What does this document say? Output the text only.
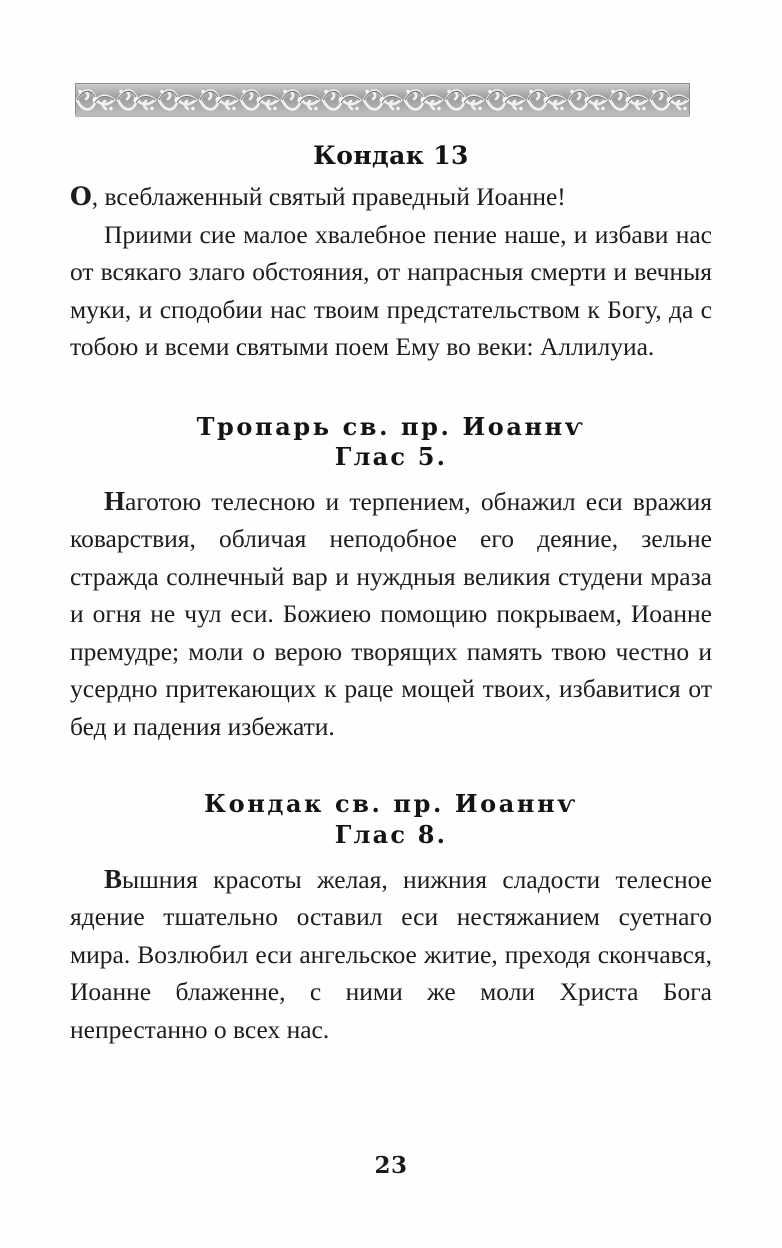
Кондак 13

О, всеблаженный святый праведный Иоанне!

Приими сие малое хвалебное пение наше, и избави нас от всякаго злаго обстояния, от напрасныя смерти и вечныя муки, и сподобии нас твоим предстательством к Богу, да с тобою и всеми святыми поем Ему во веки: Аллилуиа.

Тропарь св. пр. Иоаннѵ
Глас 5.

Наготою телесною и терпением, обнажил еси вражия коварствия, обличая неподобное его деяние, зельне стражда солнечный вар и нуждныя великия студени мраза и огня не чул еси. Божиею помощию покрываем, Иоанне премудре; моли о верою творящих память твою честно и усердно притекающих к раце мощей твоих, избавитися от бед и падения избежати.

Кондак св. пр. Иоаннѵ
Глас 8.

Вышния красоты желая, нижния сладости телесное ядение тшательно оставил еси нестяжанием суетнаго мира. Возлюбил еси ангельское житие, преходя скончався, Иоанне блаженне, с ними же моли Христа Бога непрестанно о всех нас.

23
